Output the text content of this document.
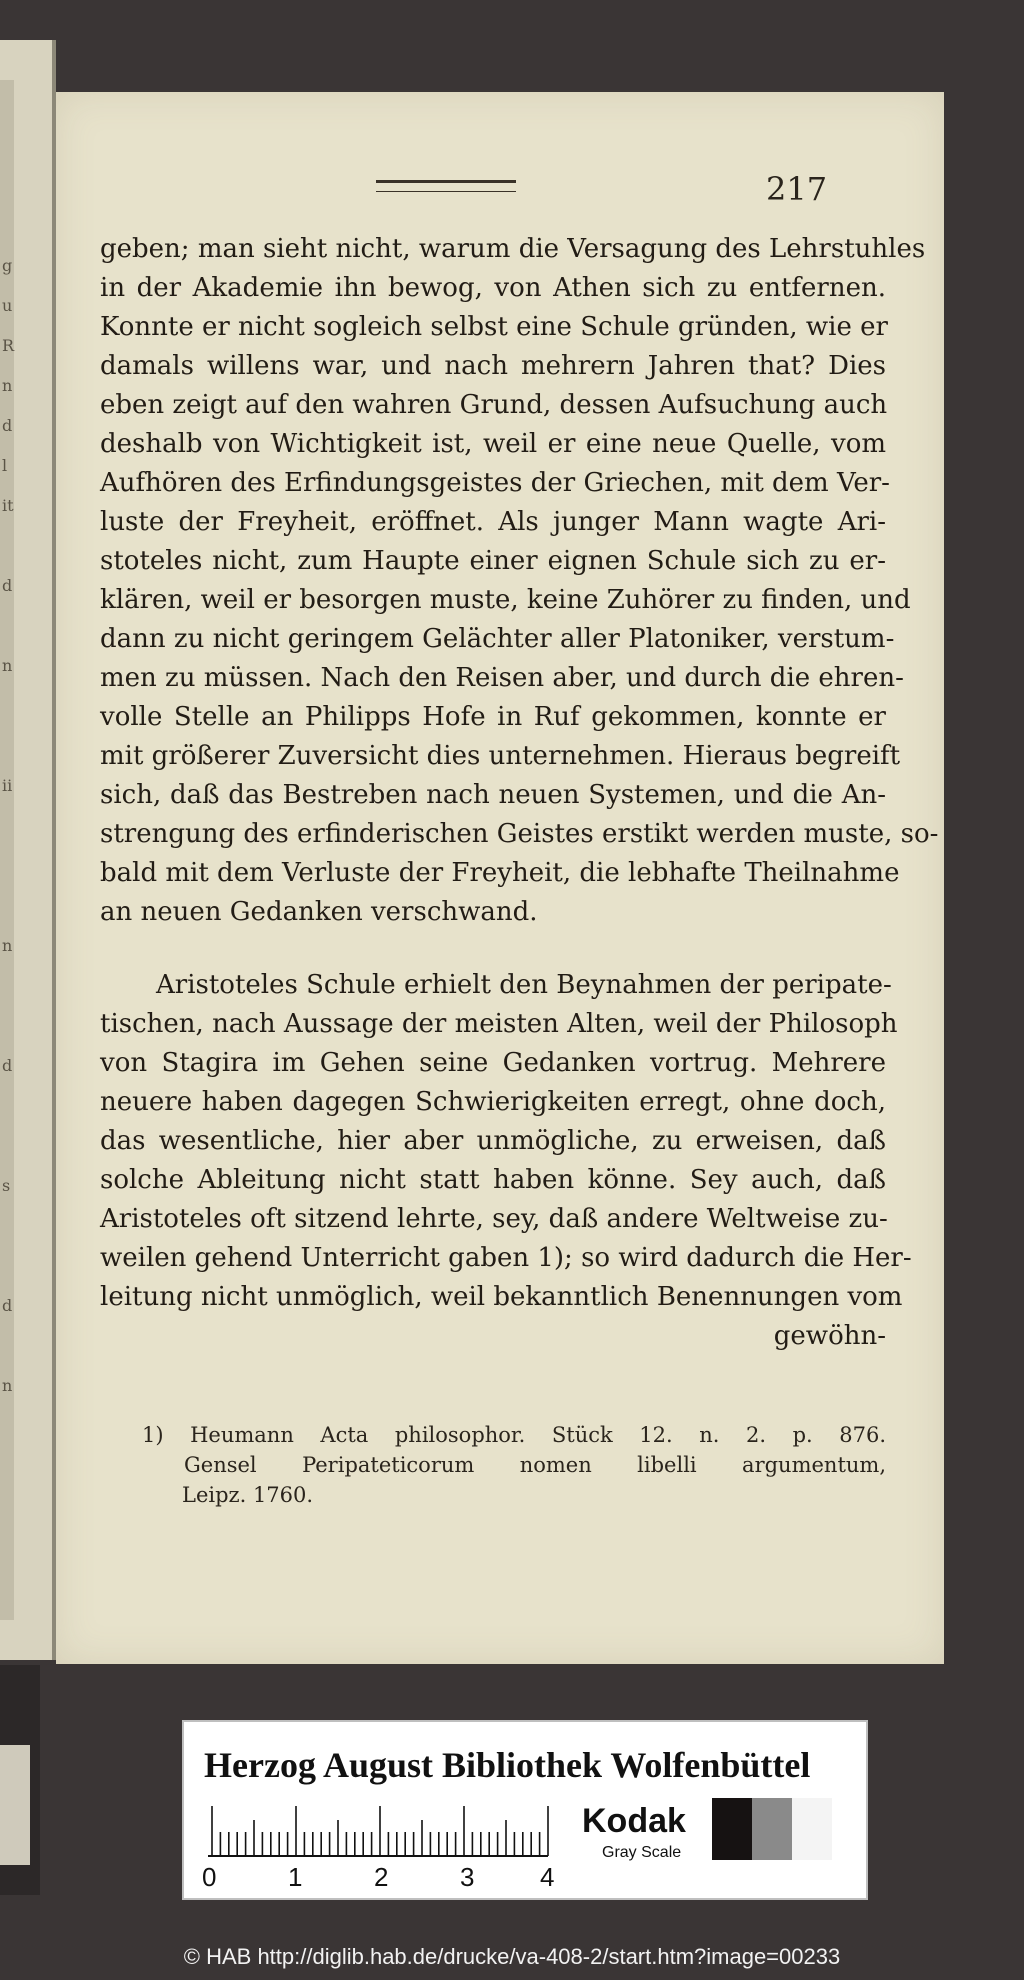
g
u
R
n
d
l
it
d
n
ii
n
d
s
d
n
217
geben; man sieht nicht, warum die Versagung des Lehrstuhles
in der Akademie ihn bewog, von Athen sich zu entfernen.
Konnte er nicht sogleich selbst eine Schule gründen, wie er
damals willens war, und nach mehrern Jahren that? Dies
eben zeigt auf den wahren Grund, dessen Aufsuchung auch
deshalb von Wichtigkeit ist, weil er eine neue Quelle, vom
Aufhören des Erfindungsgeistes der Griechen, mit dem Ver-
luste der Freyheit, eröffnet. Als junger Mann wagte Ari-
stoteles nicht, zum Haupte einer eignen Schule sich zu er-
klären, weil er besorgen muste, keine Zuhörer zu finden, und
dann zu nicht geringem Gelächter aller Platoniker, verstum-
men zu müssen. Nach den Reisen aber, und durch die ehren-
volle Stelle an Philipps Hofe in Ruf gekommen, konnte er
mit größerer Zuversicht dies unternehmen. Hieraus begreift
sich, daß das Bestreben nach neuen Systemen, und die An-
strengung des erfinderischen Geistes erstikt werden muste, so-
bald mit dem Verluste der Freyheit, die lebhafte Theilnahme
an neuen Gedanken verschwand.
Aristoteles Schule erhielt den Beynahmen der peripate-
tischen, nach Aussage der meisten Alten, weil der Philosoph
von Stagira im Gehen seine Gedanken vortrug. Mehrere
neuere haben dagegen Schwierigkeiten erregt, ohne doch,
das wesentliche, hier aber unmögliche, zu erweisen, daß
solche Ableitung nicht statt haben könne. Sey auch, daß
Aristoteles oft sitzend lehrte, sey, daß andere Weltweise zu-
weilen gehend Unterricht gaben 1); so wird dadurch die Her-
leitung nicht unmöglich, weil bekanntlich Benennungen vom
gewöhn-
1) Heumann Acta philosophor. Stück 12. n. 2. p. 876.
Gensel Peripateticorum nomen libelli argumentum,
Leipz. 1760.
Herzog August Bibliothek Wolfenbüttel
0	1	2	3	4
Kodak
Gray Scale
© HAB http://diglib.hab.de/drucke/va-408-2/start.htm?image=00233
